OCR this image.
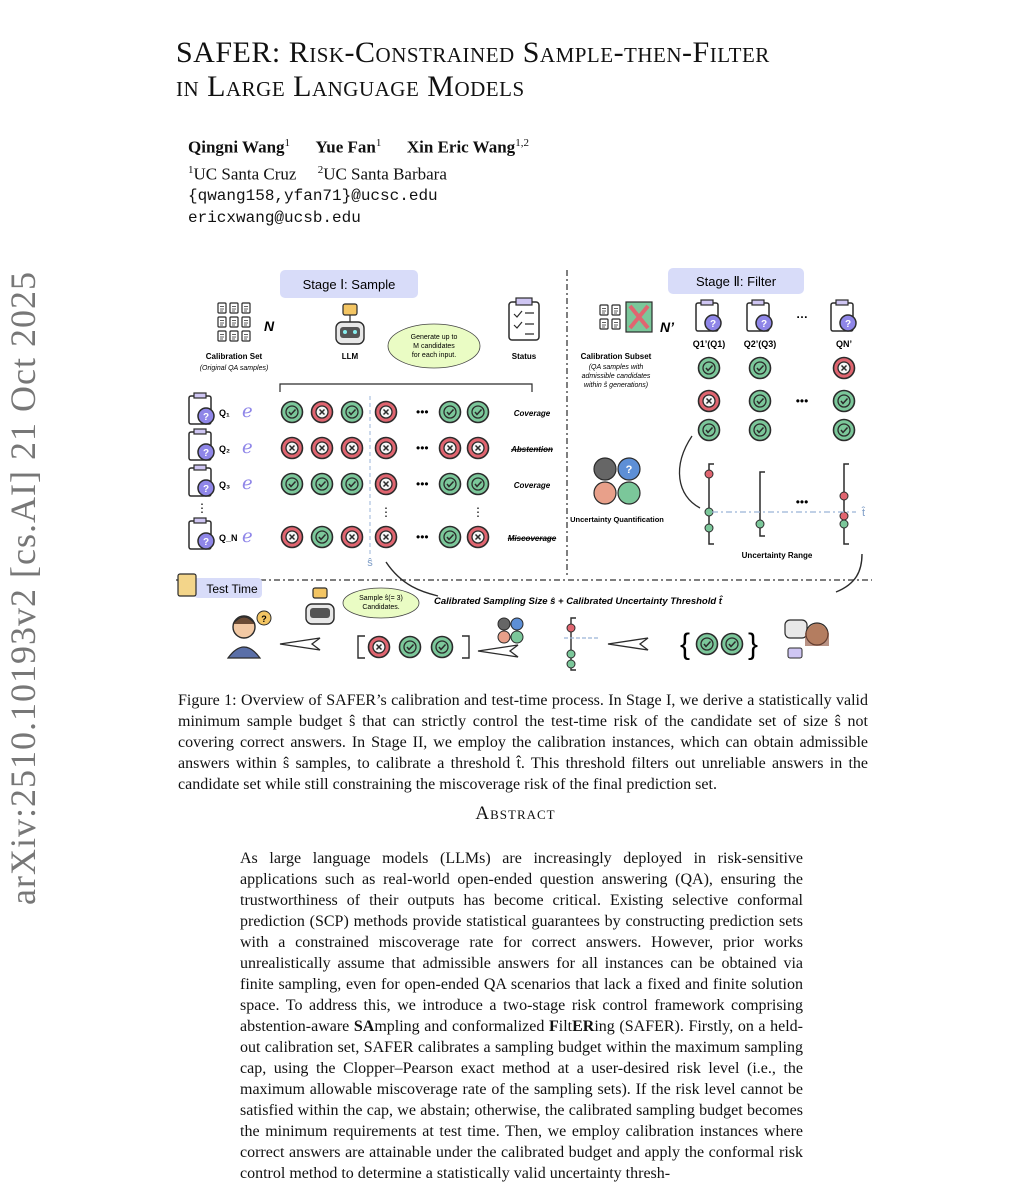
arXiv:2510.10193v2 [cs.AI] 21 Oct 2025
SAFER: Risk-Constrained Sample-then-Filter
in Large Language Models
Qingni Wang$^1$ Yue Fan$^1$ Xin Eric Wang$^{1,2}$
$^1$UC Santa Cruz $^2$UC Santa Barbara
{qwang158,yfan71}@ucsc.edu
ericxwang@ucsb.edu
?
Stage Ⅰ: Sample	Stage Ⅱ: Filter
N
Calibration Set
(Original QA samples)
LLM
Generate up to
M candidates
for each input.	Status
Q₁ ℯ	•••	Coverage
Q₂ ℯ	•••	Abstention
Q₃ ℯ	•••	Coverage
⋮	⋮	⋮
Q_N ℯ	•••	Miscoverage
ŝ
N’
Calibration Subset
(QA samples with
admissible candidates
within ŝ generations)
Q1’(Q1) Q2’(Q3)
…
QN’
•••
?
Uncertainty Quantification
•••
t̂
Uncertainty Range
Test Time
Sample ŝ(= 3)
Candidates.
Calibrated Sampling Size ŝ + Calibrated Uncertainty Threshold t̂
?
{ }
Figure 1: Overview of SAFER’s calibration and test-time process. In Stage I, we derive a statistically valid minimum sample budget ŝ that can strictly control the test-time risk of the candidate set of size ŝ not covering correct answers. In Stage II, we employ the calibration instances, which can obtain admissible answers within ŝ samples, to calibrate a threshold t̂. This threshold filters out unreliable answers in the candidate set while still constraining the miscoverage risk of the final prediction set.
Abstract
As large language models (LLMs) are increasingly deployed in risk-sensitive applications such as real-world open-ended question answering (QA), ensuring the trustworthiness of their outputs has become critical. Existing selective conformal prediction (SCP) methods provide statistical guarantees by constructing prediction sets with a constrained miscoverage rate for correct answers. However, prior works unrealistically assume that admissible answers for all instances can be obtained via finite sampling, even for open-ended QA scenarios that lack a fixed and finite solution space. To address this, we introduce a two-stage risk control framework comprising abstention-aware SAmpling and conformalized FiltERing (SAFER). Firstly, on a held-out calibration set, SAFER calibrates a sampling budget within the maximum sampling cap, using the Clopper–Pearson exact method at a user-desired risk level (i.e., the maximum allowable miscoverage rate of the sampling sets). If the risk level cannot be satisfied within the cap, we abstain; otherwise, the calibrated sampling budget becomes the minimum requirements at test time. Then, we employ calibration instances where correct answers are attainable under the calibrated budget and apply the conformal risk control method to determine a statistically valid uncertainty thresh-
